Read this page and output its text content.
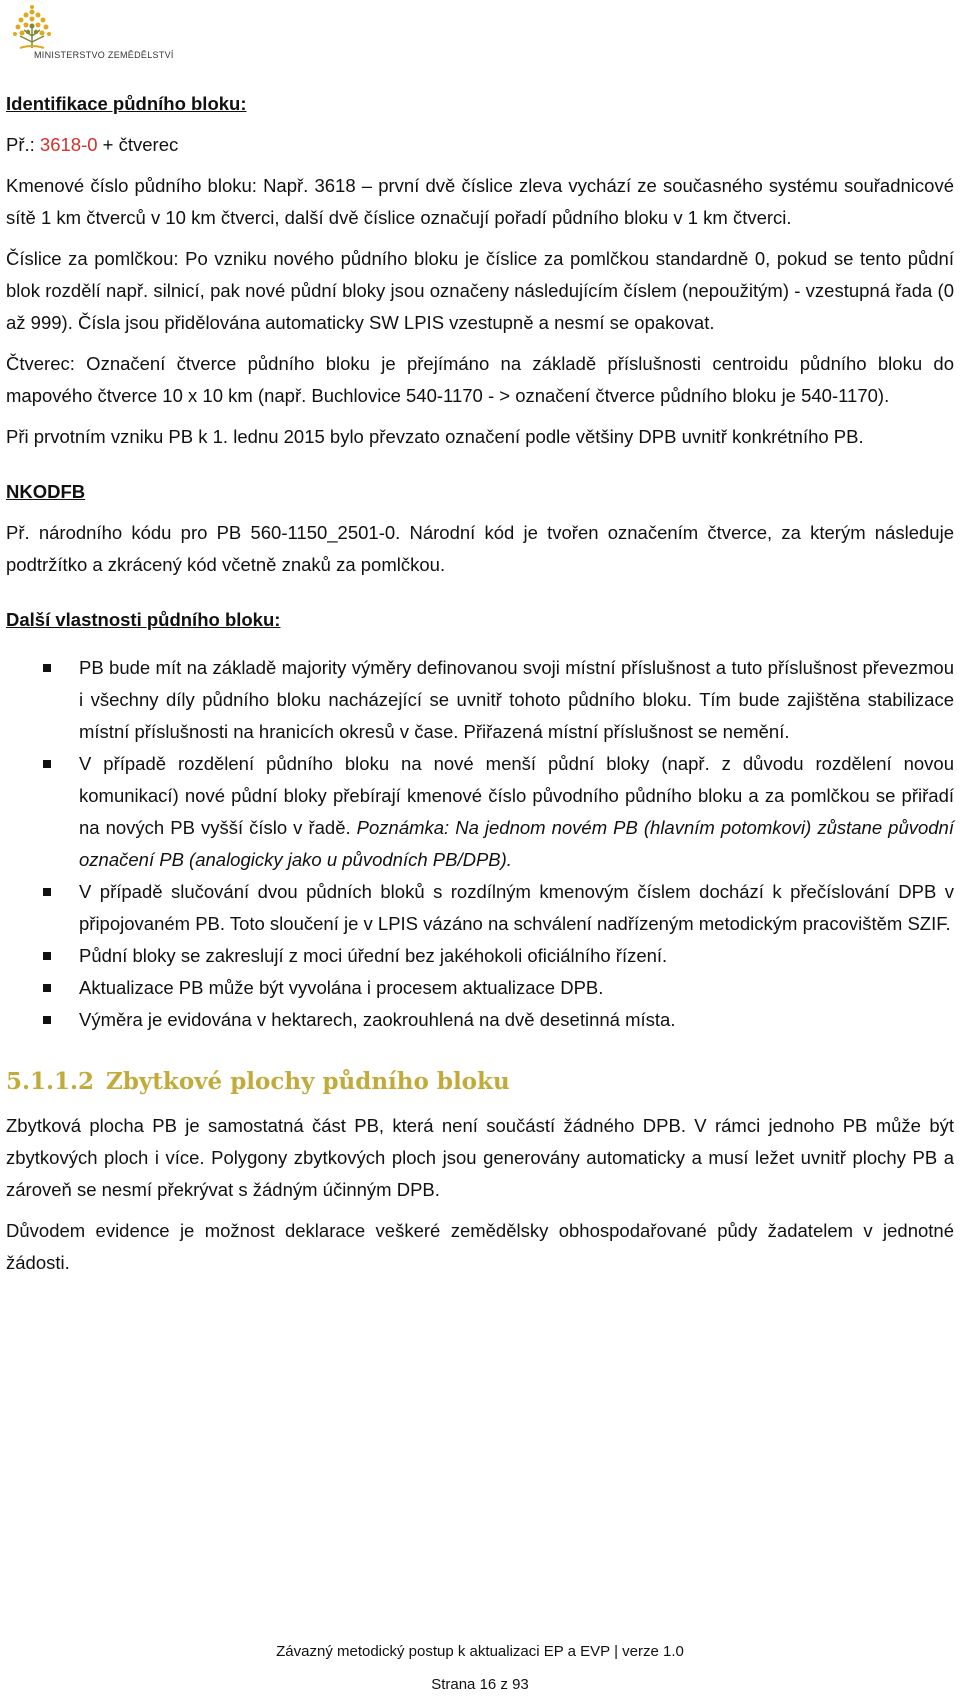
MINISTERSTVO ZEMĚDĚLSTVÍ
Identifikace půdního bloku:

Př.: 3618-0 + čtverec

Kmenové číslo půdního bloku: Např. 3618 – první dvě číslice zleva vychází ze současného systému souřadnicové sítě 1 km čtverců v 10 km čtverci, další dvě číslice označují pořadí půdního bloku v 1 km čtverci.

Číslice za pomlčkou: Po vzniku nového půdního bloku je číslice za pomlčkou standardně 0, pokud se tento půdní blok rozdělí např. silnicí, pak nové půdní bloky jsou označeny následujícím číslem (nepoužitým) - vzestupná řada (0 až 999). Čísla jsou přidělována automaticky SW LPIS vzestupně a nesmí se opakovat.

Čtverec: Označení čtverce půdního bloku je přejímáno na základě příslušnosti centroidu půdního bloku do mapového čtverce 10 x 10 km (např. Buchlovice 540-1170 - > označení čtverce půdního bloku je 540-1170).

Při prvotním vzniku PB k 1. lednu 2015 bylo převzato označení podle většiny DPB uvnitř konkrétního PB.

NKODFB

Př. národního kódu pro PB 560-1150_2501-0. Národní kód je tvořen označením čtverce, za kterým následuje podtržítko a zkrácený kód včetně znaků za pomlčkou.

Další vlastnosti půdního bloku:
PB bude mít na základě majority výměry definovanou svoji místní příslušnost a tuto příslušnost převezmou i všechny díly půdního bloku nacházející se uvnitř tohoto půdního bloku. Tím bude zajištěna stabilizace místní příslušnosti na hranicích okresů v čase. Přiřazená místní příslušnost se nemění.
V případě rozdělení půdního bloku na nové menší půdní bloky (např. z důvodu rozdělení novou komunikací) nové půdní bloky přebírají kmenové číslo původního půdního bloku a za pomlčkou se přiřadí na nových PB vyšší číslo v řadě. Poznámka: Na jednom novém PB (hlavním potomkovi) zůstane původní označení PB (analogicky jako u původních PB/DPB).
V případě slučování dvou půdních bloků s rozdílným kmenovým číslem dochází k přečíslování DPB v připojovaném PB. Toto sloučení je v LPIS vázáno na schválení nadřízeným metodickým pracovištěm SZIF.
Půdní bloky se zakreslují z moci úřední bez jakéhokoli oficiálního řízení.
Aktualizace PB může být vyvolána i procesem aktualizace DPB.
Výměra je evidována v hektarech, zaokrouhlená na dvě desetinná místa.
5.1.1.2 Zbytkové plochy půdního bloku

Zbytková plocha PB je samostatná část PB, která není součástí žádného DPB. V rámci jednoho PB může být zbytkových ploch i více. Polygony zbytkových ploch jsou generovány automaticky a musí ležet uvnitř plochy PB a zároveň se nesmí překrývat s žádným účinným DPB.

Důvodem evidence je možnost deklarace veškeré zemědělsky obhospodařované půdy žadatelem v jednotné žádosti.

Závazný metodický postup k aktualizaci EP a EVP | verze 1.0
Strana 16 z 93
